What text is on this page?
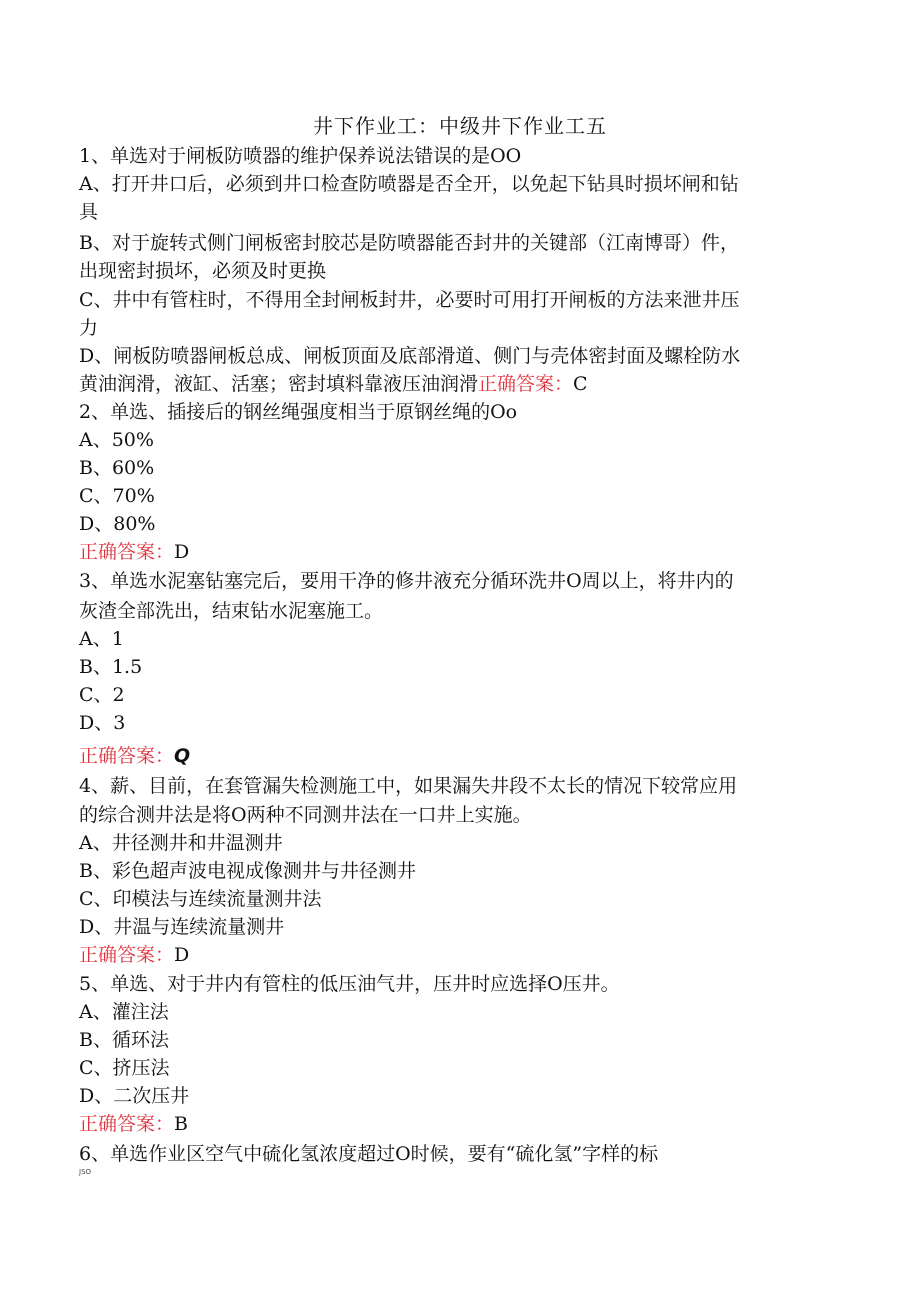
井下作业工：中级井下作业工五
1、单选对于闸板防喷器的维护保养说法错误的是OO
A、打开井口后，必须到井口检查防喷器是否全开，以免起下钻具时损坏闸和钻
具
B、对于旋转式侧门闸板密封胶芯是防喷器能否封井的关键部（江南博哥）件，
出现密封损坏，必须及时更换
C、井中有管柱时，不得用全封闸板封井，必要时可用打开闸板的方法来泄井压
力
D、闸板防喷器闸板总成、闸板顶面及底部滑道、侧门与壳体密封面及螺栓防水
黄油润滑，液缸、活塞；密封填料靠液压油润滑正确答案：C
2、单选、插接后的钢丝绳强度相当于原钢丝绳的Oo
A、50%
B、60%
C、70%
D、80%
正确答案：D
3、单选水泥塞钻塞完后，要用干净的修井液充分循环洗井O周以上，将井内的
灰渣全部洗出，结束钻水泥塞施工。
A、1
B、1.5
C、2
D、3
正确答案：Q
4、薪、目前，在套管漏失检测施工中，如果漏失井段不太长的情况下较常应用
的综合测井法是将O两种不同测井法在一口井上实施。
A、井径测井和井温测井
B、彩色超声波电视成像测井与井径测井
C、印模法与连续流量测井法
D、井温与连续流量测井
正确答案：D
5、单选、对于井内有管柱的低压油气井，压井时应选择O压井。
A、灌注法
B、循环法
C、挤压法
D、二次压井
正确答案：B
6、单选作业区空气中硫化氢浓度超过O时候，要有“硫化氢”字样的标
JSO
